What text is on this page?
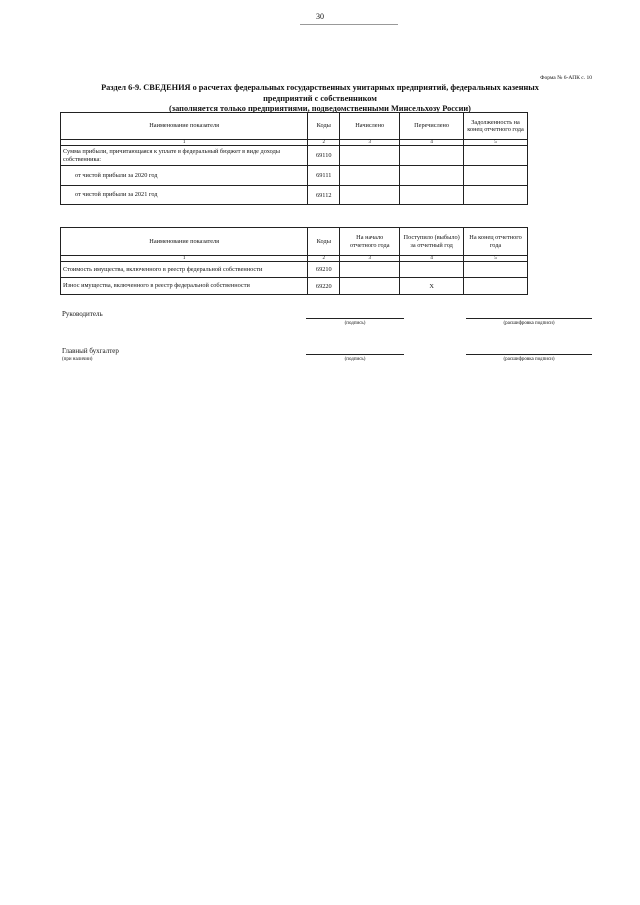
30
Форма № 6-АПК с. 10
Раздел 6-9. СВЕДЕНИЯ о расчетах федеральных государственных унитарных предприятий, федеральных казенных
предприятий с собственником
(заполняется только предприятиями, подведомственными Минсельхозу России)
Наименование показателя	Коды	Начислено	Перечислено	Задолженность на конец отчетного года
1	2	3	4	5
Сумма прибыли, причитающаяся к уплате в федеральный бюджет в виде доходы собственника:	69110			
от чистой прибыли за 2020 год	69111			
от чистой прибыли за 2021 год	69112			
Наименование показателя	Коды	На начало отчетного года	Поступило (выбыло) за отчетный год	На конец отчетного года
1	2	3	4	5
Стоимость имущества, включенного в реестр федеральной собственности	69210			
Износ имущества, включенного в реестр федеральной собственности	69220		X	
Руководитель
(подпись)	(расшифровка подписи)
Главный бухгалтер
(при наличии)	(подпись)	(расшифровка подписи)
